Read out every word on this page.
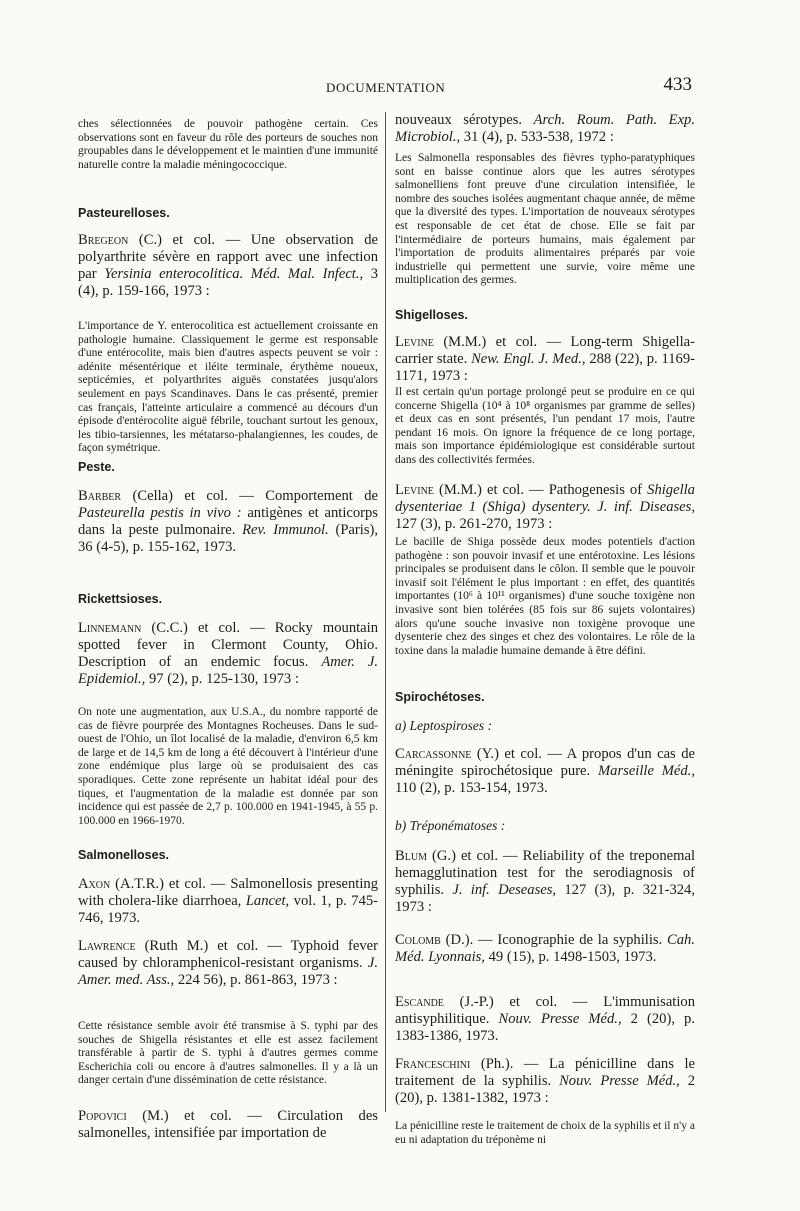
DOCUMENTATION	433

ches sélectionnées de pouvoir pathogène certain. Ces observations sont en faveur du rôle des porteurs de souches non groupables dans le développement et le maintien d'une immunité naturelle contre la maladie méningococcique.

Pasteurelloses.
Bregeon (C.) et col. — Une observation de polyarthrite sévère en rapport avec une infection par Yersinia enterocolitica. Méd. Mal. Infect., 3 (4), p. 159-166, 1973 :

L'importance de Y. enterocolitica est actuellement croissante en pathologie humaine. Classiquement le germe est responsable d'une entérocolite, mais bien d'autres aspects peuvent se voir : adénite mésentérique et iléite terminale, érythème noueux, septicémies, et polyarthrites aiguës constatées jusqu'alors seulement en pays Scandinaves. Dans le cas présenté, premier cas français, l'atteinte articulaire a commencé au décours d'un épisode d'entérocolite aiguë fébrile, touchant surtout les genoux, les tibio-tarsiennes, les métatarso-phalangiennes, les coudes, de façon symétrique.

Peste.
Barber (Cella) et col. — Comportement de Pasteurella pestis in vivo : antigènes et anticorps dans la peste pulmonaire. Rev. Immunol. (Paris), 36 (4-5), p. 155-162, 1973.
Rickettsioses.
Linnemann (C.C.) et col. — Rocky mountain spotted fever in Clermont County, Ohio. Description of an endemic focus. Amer. J. Epidemiol., 97 (2), p. 125-130, 1973 :

On note une augmentation, aux U.S.A., du nombre rapporté de cas de fièvre pourprée des Montagnes Rocheuses. Dans le sud-ouest de l'Ohio, un îlot localisé de la maladie, d'environ 6,5 km de large et de 14,5 km de long a été découvert à l'intérieur d'une zone endémique plus large où se produisaient des cas sporadiques. Cette zone représente un habitat idéal pour des tiques, et l'augmentation de la maladie est donnée par son incidence qui est passée de 2,7 p. 100.000 en 1941-1945, à 55 p. 100.000 en 1966-1970.

Salmonelloses.
Axon (A.T.R.) et col. — Salmonellosis presenting with cholera-like diarrhoea, Lancet, vol. 1, p. 745-746, 1973.
Lawrence (Ruth M.) et col. — Typhoid fever caused by chloramphenicol-resistant organisms. J. Amer. med. Ass., 224 56), p. 861-863, 1973 :

Cette résistance semble avoir été transmise à S. typhi par des souches de Shigella résistantes et elle est assez facilement transférable à partir de S. typhi à d'autres germes comme Escherichia coli ou encore à d'autres salmonelles. Il y a là un danger certain d'une dissémination de cette résistance.

Popovici (M.) et col. — Circulation des salmonelles, intensifiée par importation de
nouveaux sérotypes. Arch. Roum. Path. Exp. Microbiol., 31 (4), p. 533-538, 1972 :

Les Salmonella responsables des fièvres typho-paratyphiques sont en baisse continue alors que les autres sérotypes salmonelliens font preuve d'une circulation intensifiée, le nombre des souches isolées augmentant chaque année, de même que la diversité des types. L'importation de nouveaux sérotypes est responsable de cet état de chose. Elle se fait par l'intermédiaire de porteurs humains, mais également par l'importation de produits alimentaires préparés par voie industrielle qui permettent une survie, voire même une multiplication des germes.

Shigelloses.
Levine (M.M.) et col. — Long-term Shigella-carrier state. New. Engl. J. Med., 288 (22), p. 1169-1171, 1973 :

Il est certain qu'un portage prolongé peut se produire en ce qui concerne Shigella (10⁴ à 10⁸ organismes par gramme de selles) et deux cas en sont présentés, l'un pendant 17 mois, l'autre pendant 16 mois. On ignore la fréquence de ce long portage, mais son importance épidémiologique est considérable surtout dans des collectivités fermées.

Levine (M.M.) et col. — Pathogenesis of Shigella dysenteriae 1 (Shiga) dysentery. J. inf. Diseases, 127 (3), p. 261-270, 1973 :

Le bacille de Shiga possède deux modes potentiels d'action pathogène : son pouvoir invasif et une entérotoxine. Les lésions principales se produisent dans le côlon. Il semble que le pouvoir invasif soit l'élément le plus important : en effet, des quantités importantes (10⁶ à 10¹¹ organismes) d'une souche toxigène non invasive sont bien tolérées (85 fois sur 86 sujets volontaires) alors qu'une souche invasive non toxigène provoque une dysenterie chez des singes et chez des volontaires. Le rôle de la toxine dans la maladie humaine demande à être défini.

Spirochétoses.
a) Leptospiroses :
Carcassonne (Y.) et col. — A propos d'un cas de méningite spirochétosique pure. Marseille Méd., 110 (2), p. 153-154, 1973.
b) Tréponématoses :
Blum (G.) et col. — Reliability of the treponemal hemagglutination test for the serodiagnosis of syphilis. J. inf. Deseases, 127 (3), p. 321-324, 1973 :
Colomb (D.). — Iconographie de la syphilis. Cah. Méd. Lyonnais, 49 (15), p. 1498-1503, 1973.
Escande (J.-P.) et col. — L'immunisation antisyphilitique. Nouv. Presse Méd., 2 (20), p. 1383-1386, 1973.
Franceschini (Ph.). — La pénicilline dans le traitement de la syphilis. Nouv. Presse Méd., 2 (20), p. 1381-1382, 1973 :

La pénicilline reste le traitement de choix de la syphilis et il n'y a eu ni adaptation du tréponème ni
